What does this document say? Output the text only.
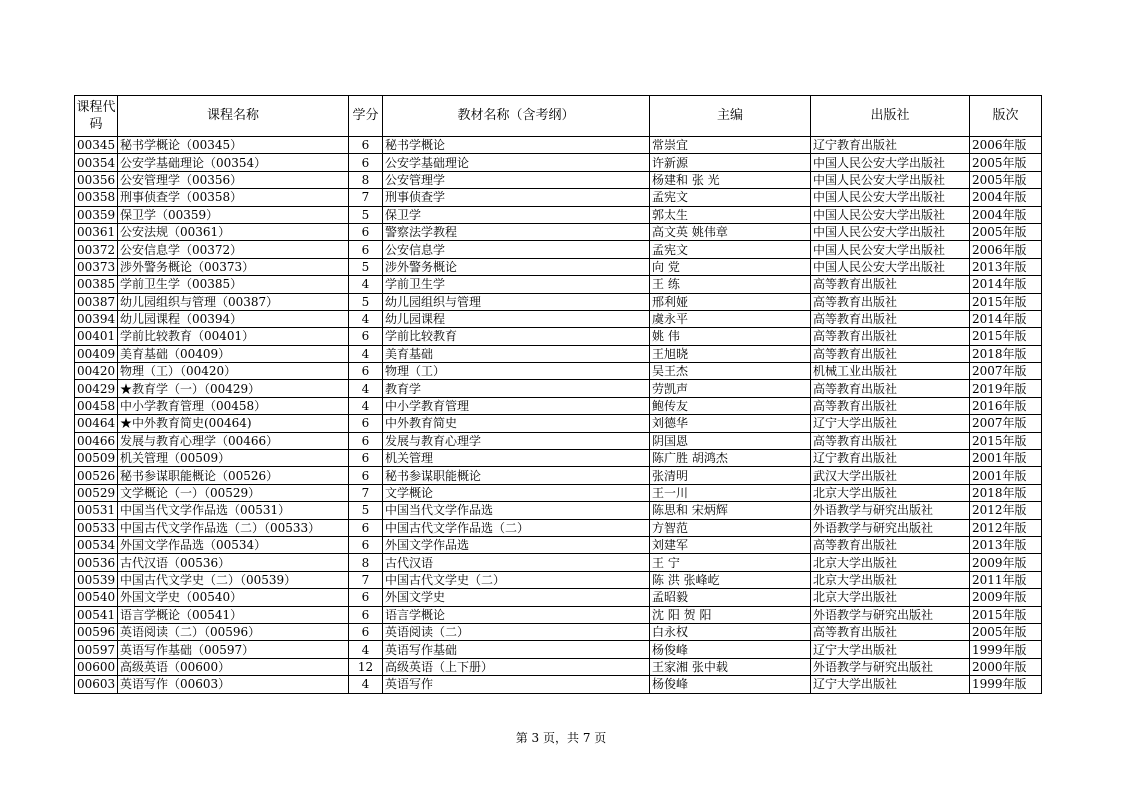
课程代码	课程名称	学分	教材名称（含考纲）	主编	出版社	版次
00345	秘书学概论（00345）	6	秘书学概论	常崇宜	辽宁教育出版社	2006年版
00354	公安学基础理论（00354）	6	公安学基础理论	许新源	中国人民公安大学出版社	2005年版
00356	公安管理学（00356）	8	公安管理学	杨建和 张 光	中国人民公安大学出版社	2005年版
00358	刑事侦查学（00358）	7	刑事侦查学	孟宪文	中国人民公安大学出版社	2004年版
00359	保卫学（00359）	5	保卫学	郭太生	中国人民公安大学出版社	2004年版
00361	公安法规（00361）	6	警察法学教程	高文英 姚伟章	中国人民公安大学出版社	2005年版
00372	公安信息学（00372）	6	公安信息学	孟宪文	中国人民公安大学出版社	2006年版
00373	涉外警务概论（00373）	5	涉外警务概论	向 党	中国人民公安大学出版社	2013年版
00385	学前卫生学（00385）	4	学前卫生学	王 练	高等教育出版社	2014年版
00387	幼儿园组织与管理（00387）	5	幼儿园组织与管理	邢利娅	高等教育出版社	2015年版
00394	幼儿园课程（00394）	4	幼儿园课程	虞永平	高等教育出版社	2014年版
00401	学前比较教育（00401）	6	学前比较教育	姚 伟	高等教育出版社	2015年版
00409	美育基础（00409）	4	美育基础	王旭晓	高等教育出版社	2018年版
00420	物理（工）（00420）	6	物理（工）	吴王杰	机械工业出版社	2007年版
00429	★教育学（一）（00429）	4	教育学	劳凯声	高等教育出版社	2019年版
00458	中小学教育管理（00458）	4	中小学教育管理	鲍传友	高等教育出版社	2016年版
00464	★中外教育简史(00464)	6	中外教育简史	刘德华	辽宁大学出版社	2007年版
00466	发展与教育心理学（00466）	6	发展与教育心理学	阴国恩	高等教育出版社	2015年版
00509	机关管理（00509）	6	机关管理	陈广胜 胡鸿杰	辽宁教育出版社	2001年版
00526	秘书参谋职能概论（00526）	6	秘书参谋职能概论	张清明	武汉大学出版社	2001年版
00529	文学概论（一）（00529）	7	文学概论	王一川	北京大学出版社	2018年版
00531	中国当代文学作品选（00531）	5	中国当代文学作品选	陈思和 宋炳辉	外语教学与研究出版社	2012年版
00533	中国古代文学作品选（二）（00533）	6	中国古代文学作品选（二）	方智范	外语教学与研究出版社	2012年版
00534	外国文学作品选（00534）	6	外国文学作品选	刘建军	高等教育出版社	2013年版
00536	古代汉语（00536）	8	古代汉语	王 宁	北京大学出版社	2009年版
00539	中国古代文学史（二）（00539）	7	中国古代文学史（二）	陈 洪 张峰屹	北京大学出版社	2011年版
00540	外国文学史（00540）	6	外国文学史	孟昭毅	北京大学出版社	2009年版
00541	语言学概论（00541）	6	语言学概论	沈 阳 贺 阳	外语教学与研究出版社	2015年版
00596	英语阅读（二）（00596）	6	英语阅读（二）	白永权	高等教育出版社	2005年版
00597	英语写作基础（00597）	4	英语写作基础	杨俊峰	辽宁大学出版社	1999年版
00600	高级英语（00600）	12	高级英语（上下册）	王家湘 张中载	外语教学与研究出版社	2000年版
00603	英语写作（00603）	4	英语写作	杨俊峰	辽宁大学出版社	1999年版
第 3 页，共 7 页
